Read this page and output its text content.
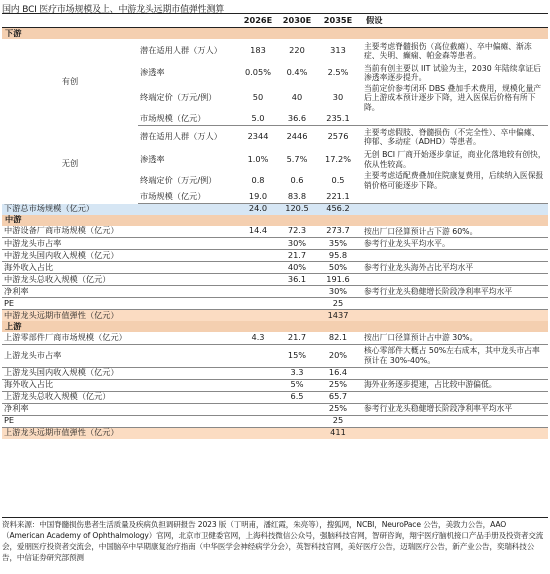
国内 BCI 医疗市场规模及上、中游龙头远期市值弹性测算
		2026E	2030E	2035E	假设
下游					
有创	潜在适用人群（万人）	183	220	313	主要考虑脊髓损伤（高位截瘫）、卒中偏瘫、渐冻症、失明、癫痫、帕金森等患者。
	渗透率	0.05%	0.4%	2.5%	当前有创主要以 IIT 试验为主，2030 年陆续拿证后渗透率逐步提升。
	终端定价（万元/例）	50	40	30	当前定价参考闭环 DBS 叠加手术费用，规模化量产后上游成本预计逐步下降，进入医保后价格有所下降。
	市场规模（亿元）	5.0	36.6	235.1	
无创	潜在适用人群（万人）	2344	2446	2576	主要考虑假肢、脊髓损伤（不完全性）、卒中偏瘫、抑郁、多动症（ADHD）等患者。
	渗透率	1.0%	5.7%	17.2%	无创 BCI 厂商开始逐步拿证，商业化落地较有创快，依从性较高。
	终端定价（万元/例）	0.8	0.6	0.5	主要考虑适配费叠加住院康复费用，后续纳入医保报销价格可能逐步下降。
	市场规模（亿元）	19.0	83.8	221.1	
下游总市场规模（亿元）		24.0	120.5	456.2	
中游					
中游设备厂商市场规模（亿元）		14.4	72.3	273.7	按出厂口径算预计占下游 60%。
中游龙头市占率			30%	35%	参考行业龙头平均水平。
中游龙头国内收入规模（亿元）			21.7	95.8	
海外收入占比			40%	50%	参考行业龙头海外占比平均水平
中游龙头总收入规模（亿元）			36.1	191.6	
净利率				30%	参考行业龙头稳健增长阶段净利率平均水平
PE				25	
中游龙头远期市值弹性（亿元）				1437	
上游					
上游零部件厂商市场规模（亿元）		4.3	21.7	82.1	按出厂口径算预计占中游 30%。
上游龙头市占率			15%	20%	核心零部件大概占 50%左右成本，其中龙头市占率预计在 30%-40%。
上游龙头国内收入规模（亿元）			3.3	16.4	
海外收入占比			5%	25%	海外业务逐步提速，占比较中游偏低。
上游龙头总收入规模（亿元）			6.5	65.7	
净利率				25%	参考行业龙头稳健增长阶段净利率平均水平
PE				25	
上游龙头远期市值弹性（亿元）				411	
资料来源：中国脊髓损伤患者生活质量及疾病负担调研报告 2023 版（丁明甫，潘红霞，朱亮等），搜狐网，NCBI，NeuroPace 公告，美敦力公告，AAO（American Academy of Ophthalmology）官网，北京市卫健委官网，上海科技微信公众号，强脑科技官网，智研咨询，翔宇医疗脑机接口产品手册及投资者交流会，爱朋医疗投资者交流会，中国脑卒中早期康复治疗指南（中华医学会神经病学分会），英智科技官网，美好医疗公告，迈瑞医疗公告，新产业公告，奕瑞科技公告，中信证券研究部预测
